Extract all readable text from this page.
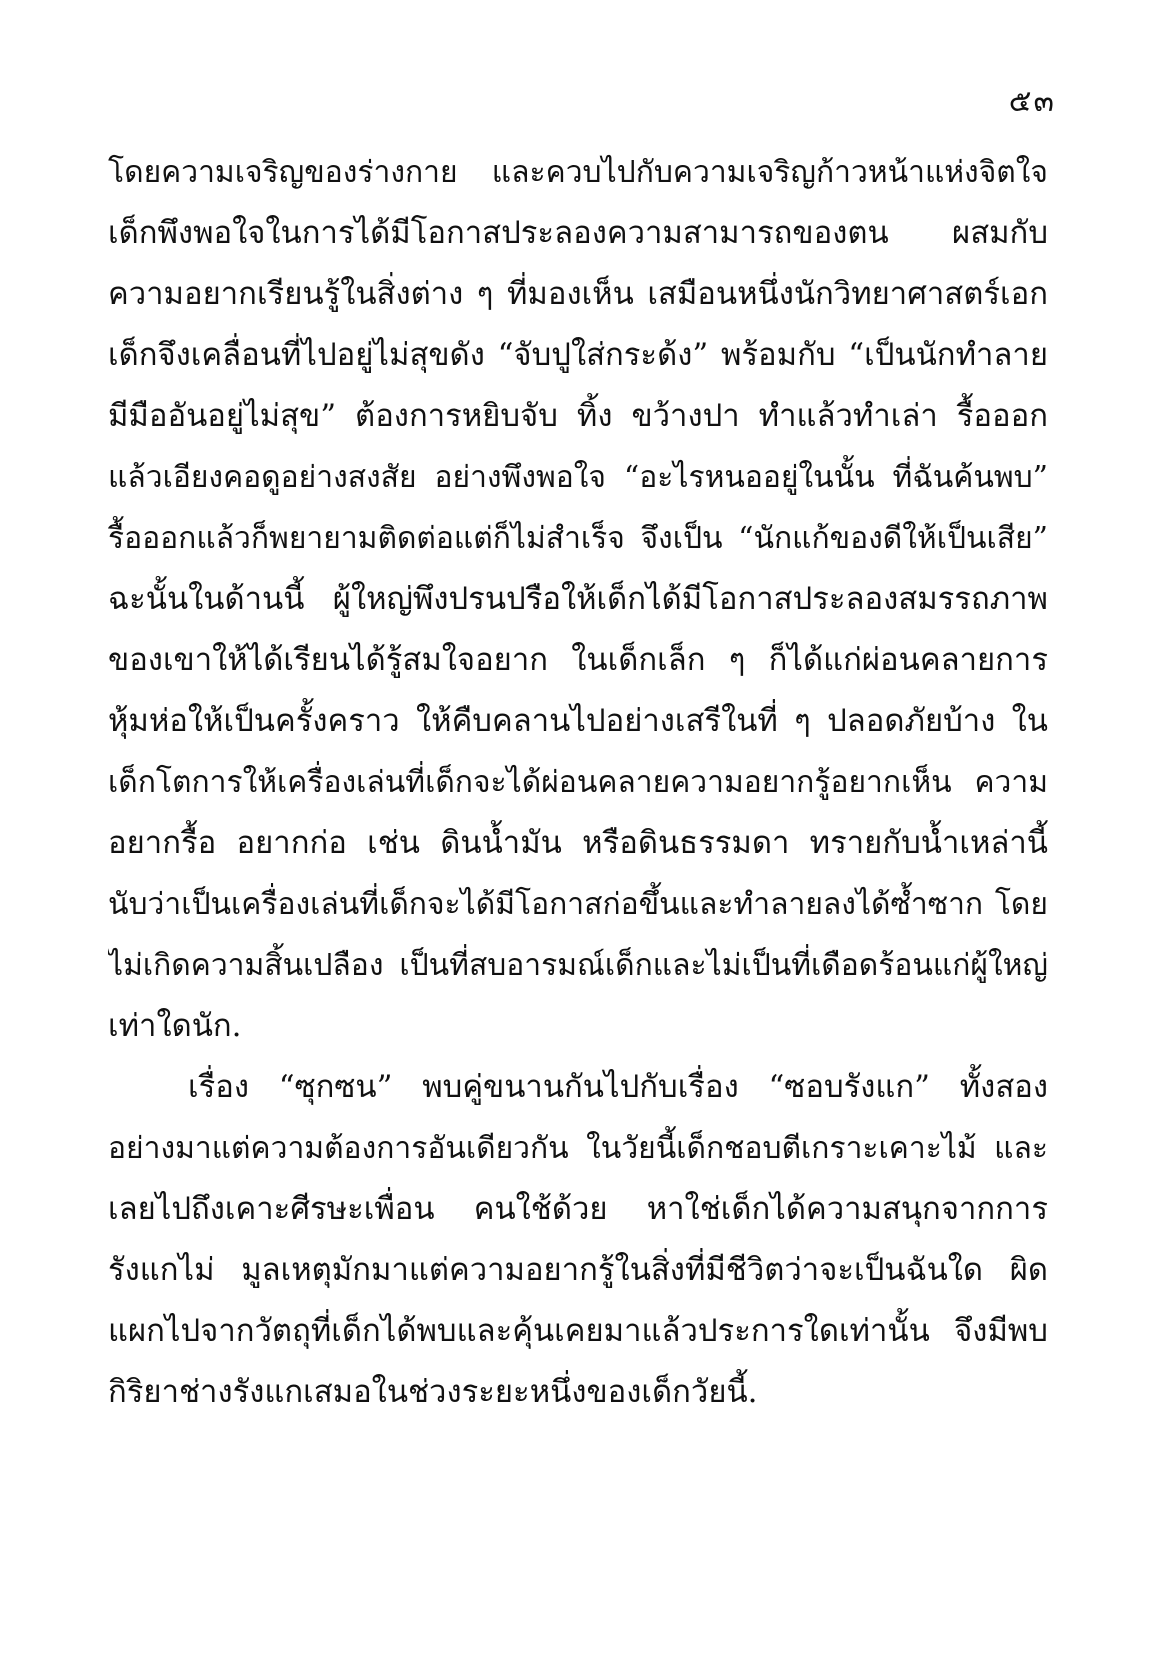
๕๓
โดยความเจริญของร่างกาย และควบไปกับความเจริญก้าวหน้าแห่งจิตใจ
เด็กพึงพอใจในการได้มีโอกาสประลองความสามารถของตน ผสมกับ
ความอยากเรียนรู้ในสิ่งต่าง ๆ ที่มองเห็น เสมือนหนึ่งนักวิทยาศาสตร์เอก
เด็กจึงเคลื่อนที่ไปอยู่ไม่สุขดัง “จับปูใส่กระด้ง” พร้อมกับ “เป็นนักทำลาย
มีมืออันอยู่ไม่สุข” ต้องการหยิบจับ ทิ้ง ขว้างปา ทำแล้วทำเล่า รื้อออก
แล้วเอียงคอดูอย่างสงสัย อย่างพึงพอใจ “อะไรหนออยู่ในนั้น ที่ฉันค้นพบ”
รื้อออกแล้วก็พยายามติดต่อแต่ก็ไม่สำเร็จ จึงเป็น “นักแก้ของดีให้เป็นเสีย”
ฉะนั้นในด้านนี้ ผู้ใหญ่พึงปรนปรือให้เด็กได้มีโอกาสประลองสมรรถภาพ
ของเขาให้ได้เรียนได้รู้สมใจอยาก ในเด็กเล็ก ๆ ก็ได้แก่ผ่อนคลายการ
หุ้มห่อให้เป็นครั้งคราว ให้คืบคลานไปอย่างเสรีในที่ ๆ ปลอดภัยบ้าง ใน
เด็กโตการให้เครื่องเล่นที่เด็กจะได้ผ่อนคลายความอยากรู้อยากเห็น ความ
อยากรื้อ อยากก่อ เช่น ดินน้ำมัน หรือดินธรรมดา ทรายกับน้ำเหล่านี้
นับว่าเป็นเครื่องเล่นที่เด็กจะได้มีโอกาสก่อขึ้นและทำลายลงได้ซ้ำซาก โดย
ไม่เกิดความสิ้นเปลือง เป็นที่สบอารมณ์เด็กและไม่เป็นที่เดือดร้อนแก่ผู้ใหญ่
เท่าใดนัก.
เรื่อง “ซุกซน” พบคู่ขนานกันไปกับเรื่อง “ซอบรังแก” ทั้งสอง
อย่างมาแต่ความต้องการอันเดียวกัน ในวัยนี้เด็กชอบตีเกราะเคาะไม้ และ
เลยไปถึงเคาะศีรษะเพื่อน คนใช้ด้วย หาใช่เด็กได้ความสนุกจากการ
รังแกไม่ มูลเหตุมักมาแต่ความอยากรู้ในสิ่งที่มีชีวิตว่าจะเป็นฉันใด ผิด
แผกไปจากวัตถุที่เด็กได้พบและคุ้นเคยมาแล้วประการใดเท่านั้น จึงมีพบ
กิริยาช่างรังแกเสมอในช่วงระยะหนึ่งของเด็กวัยนี้.
